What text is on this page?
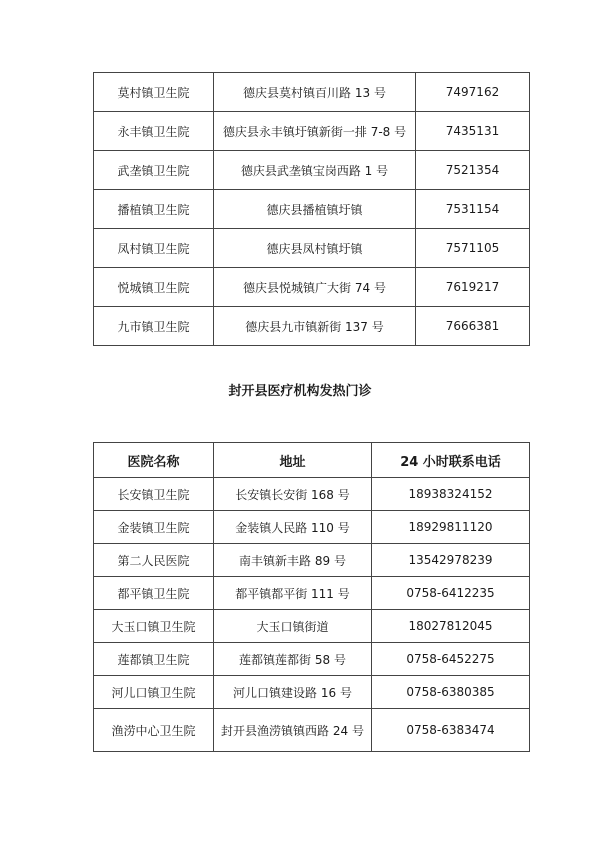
莫村镇卫生院	德庆县莫村镇百川路 13 号	7497162
永丰镇卫生院	德庆县永丰镇圩镇新街一排 7-8 号	7435131
武垄镇卫生院	德庆县武垄镇宝岗西路 1 号	7521354
播植镇卫生院	德庆县播植镇圩镇	7531154
凤村镇卫生院	德庆县凤村镇圩镇	7571105
悦城镇卫生院	德庆县悦城镇广大街 74 号	7619217
九市镇卫生院	德庆县九市镇新街 137 号	7666381
封开县医疗机构发热门诊
医院名称	地址	24 小时联系电话
长安镇卫生院	长安镇长安街 168 号	18938324152
金装镇卫生院	金装镇人民路 110 号	18929811120
第二人民医院	南丰镇新丰路 89 号	13542978239
都平镇卫生院	都平镇都平街 111 号	0758-6412235
大玉口镇卫生院	大玉口镇街道	18027812045
莲都镇卫生院	莲都镇莲都街 58 号	0758-6452275
河儿口镇卫生院	河儿口镇建设路 16 号	0758-6380385
渔涝中心卫生院	封开县渔涝镇镇西路 24 号	0758-6383474
